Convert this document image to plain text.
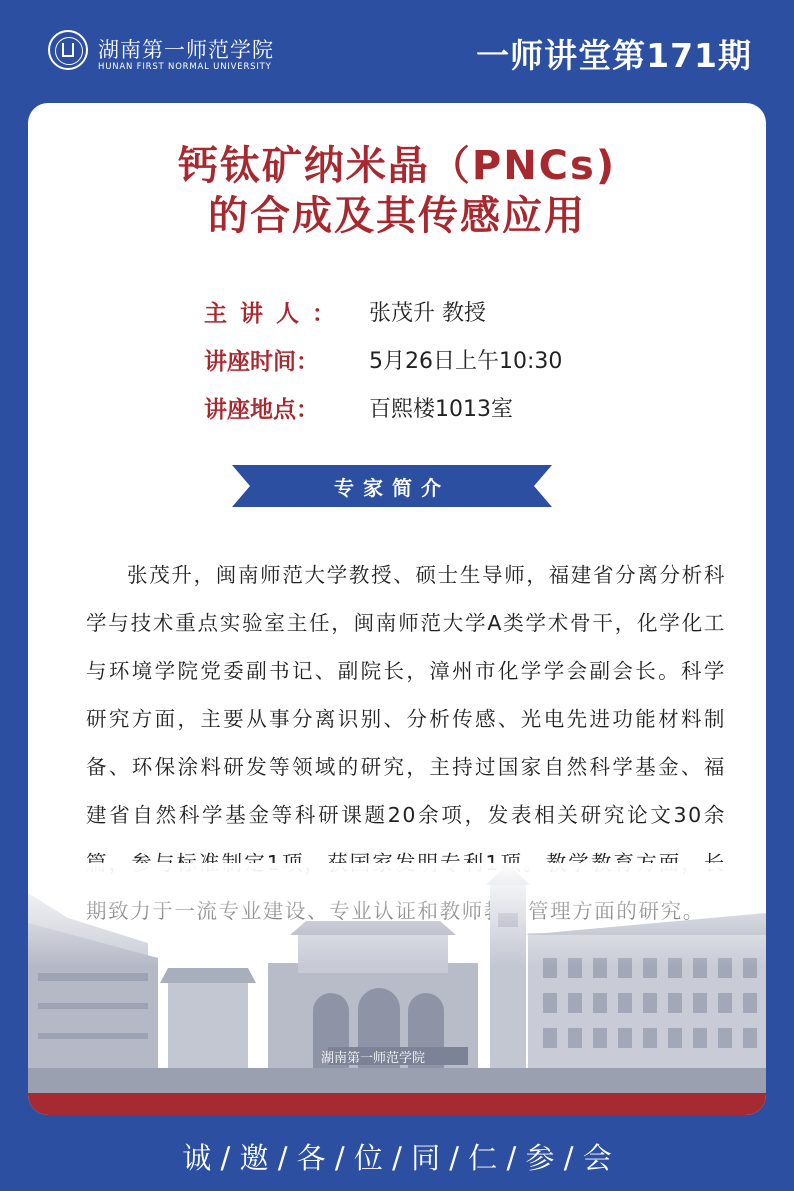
湖南第一师范学院
HUNAN FIRST NORMAL UNIVERSITY	一师讲堂第171期
钙钛矿纳米晶（PNCs)
的合成及其传感应用
主讲人： 张茂升 教授
讲座时间：	5月26日上午10:30
讲座地点：	百熙楼1013室
专家简介
张茂升，闽南师范大学教授、硕士生导师，福建省分离分析科学与技术重点实验室主任，闽南师范大学A类学术骨干，化学化工与环境学院党委副书记、副院长，漳州市化学学会副会长。科学研究方面，主要从事分离识别、分析传感、光电先进功能材料制备、环保涂料研发等领域的研究，主持过国家自然科学基金、福建省自然科学基金等科研课题20余项，发表相关研究论文30余
湖南第一师范学院
诚 / 邀 / 各 / 位 / 同 / 仁 / 参 / 会
